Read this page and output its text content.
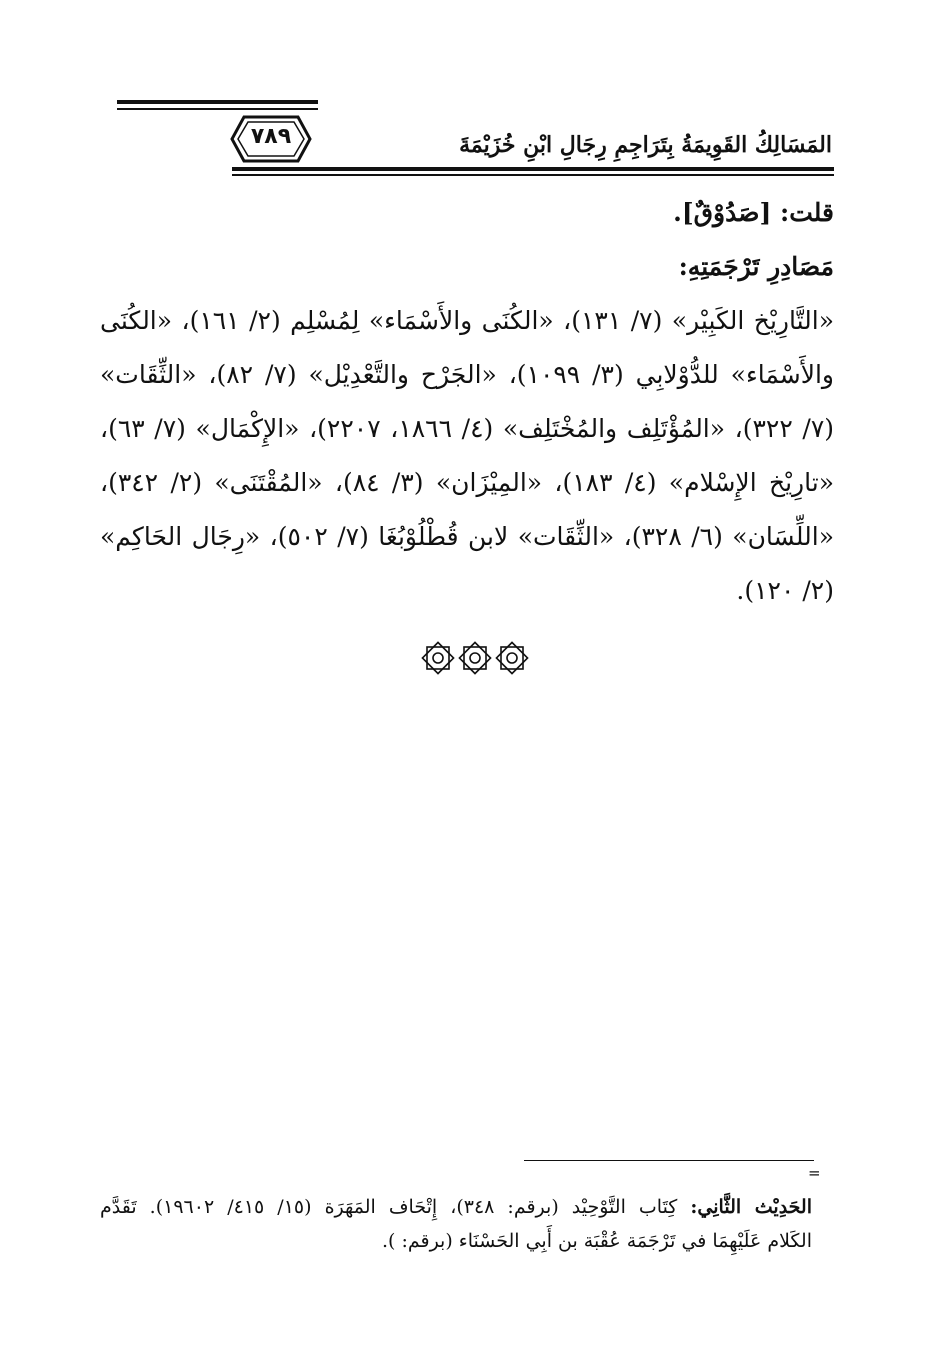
٧٨٩	المَسَالِكُ القَوِيمَةُ بِتَرَاجِمِ رِجَالِ ابْنِ خُزَيْمَةَ
قلت: [صَدُوْقٌ].
مَصَادِرِ تَرْجَمَتِهِ:
«التَّارِيْخ الكَبِيْر» (٧/ ١٣١)، «الكُنَى والأَسْمَاء» لِمُسْلِم (٢/ ١٦١)، «الكُنَى
والأَسْمَاء» للدُّوْلابِي (٣/ ١٠٩٩)، «الجَرْح والتَّعْدِيْل» (٧/ ٨٢)، «الثِّقَات»
(٧/ ٣٢٢)، «المُؤْتَلِف والمُخْتَلِف» (٤/ ١٨٦٦، ٢٢٠٧)، «الإِكْمَال» (٧/ ٦٣)،
«تارِيْخ الإِسْلام» (٤/ ١٨٣)، «المِيْزَان» (٣/ ٨٤)، «المُقْتَنَى» (٢/ ٣٤٢)،
«اللِّسَان» (٦/ ٣٢٨)، «الثِّقَات» لابن قُطْلُوْبُغَا (٧/ ٥٠٢)، «رِجَال الحَاكِم»
(٢/ ١٢٠).
=
الحَدِيْث الثَّانِي: كِتَاب التَّوْحِيْد (برقم: ٣٤٨)، إِتْحَاف المَهَرَة (١٥/ ٤١٥/ ١٩٦٠٢). تَقَدَّم
الكَلام عَلَيْهِمَا في تَرْجَمَة عُقْبَة بن أَبِي الحَسْنَاء (برقم: ).
